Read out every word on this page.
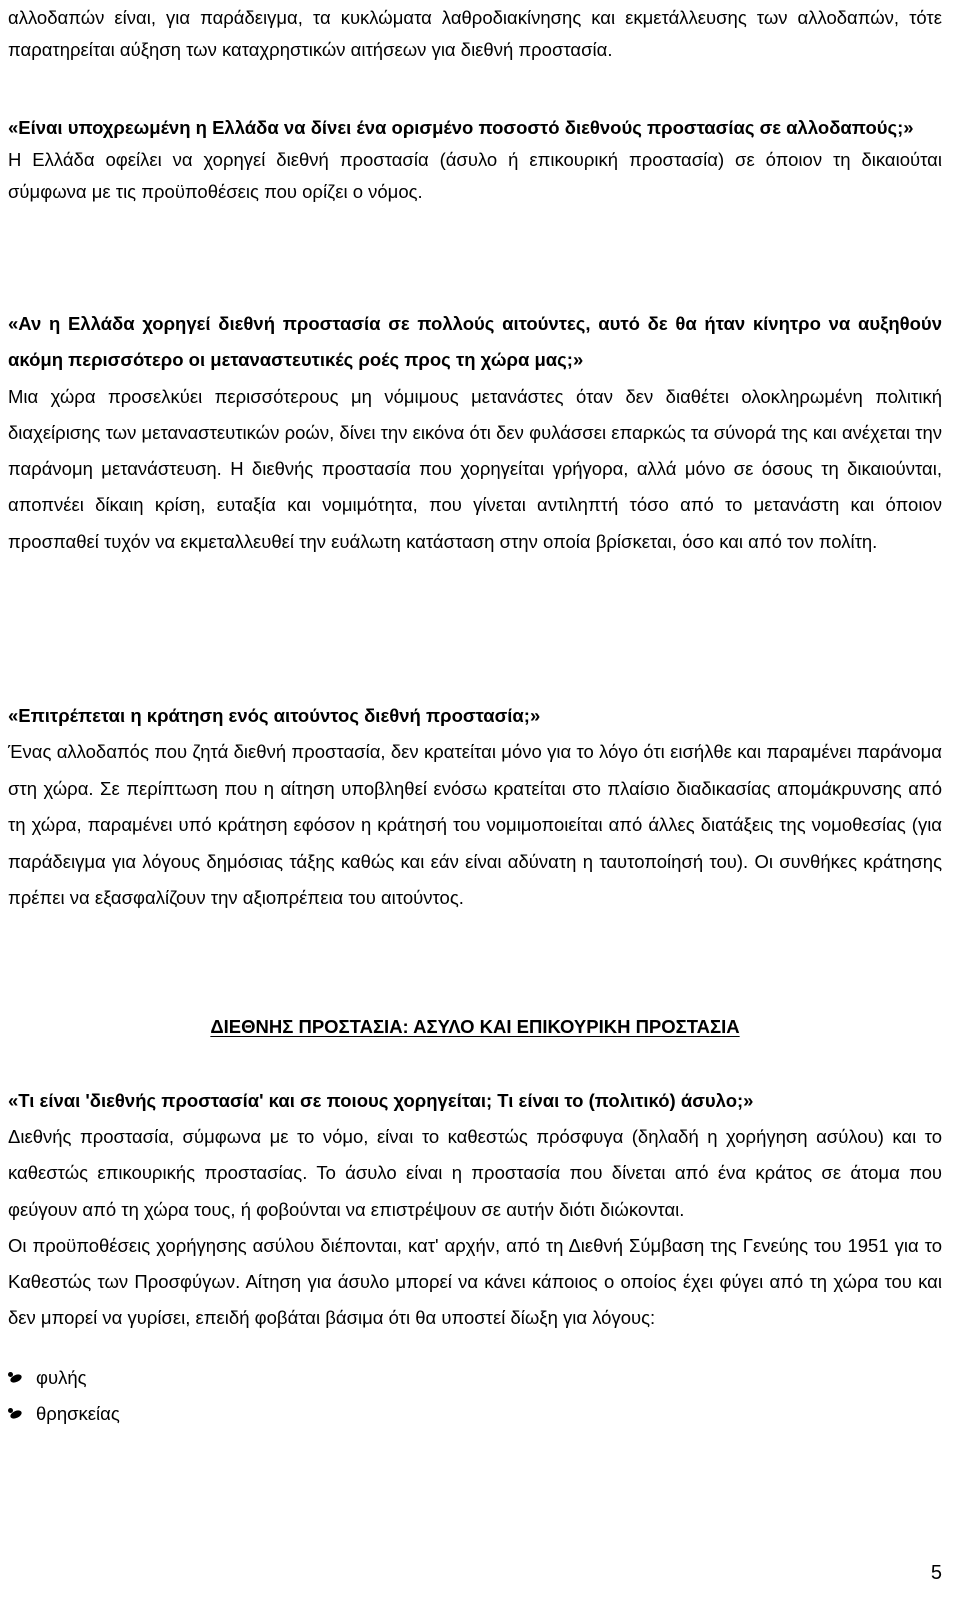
αλλοδαπών είναι, για παράδειγμα, τα κυκλώματα λαθροδιακίνησης και εκμετάλλευσης των αλλοδαπών, τότε παρατηρείται αύξηση των καταχρηστικών αιτήσεων για διεθνή προστασία.

«Είναι υποχρεωμένη η Ελλάδα να δίνει ένα ορισμένο ποσοστό διεθνούς προστασίας σε αλλοδαπούς;»

Η Ελλάδα οφείλει να χορηγεί διεθνή προστασία (άσυλο ή επικουρική προστασία) σε όποιον τη δικαιούται σύμφωνα με τις προϋποθέσεις που ορίζει ο νόμος.

«Αν η Ελλάδα χορηγεί διεθνή προστασία σε πολλούς αιτούντες, αυτό δε θα ήταν κίνητρο να αυξηθούν ακόμη περισσότερο οι μεταναστευτικές ροές προς τη χώρα μας;»

Μια χώρα προσελκύει περισσότερους μη νόμιμους μετανάστες όταν δεν διαθέτει ολοκληρωμένη πολιτική διαχείρισης των μεταναστευτικών ροών, δίνει την εικόνα ότι δεν φυλάσσει επαρκώς τα σύνορά της και ανέχεται την παράνομη μετανάστευση. Η διεθνής προστασία που χορηγείται γρήγορα, αλλά μόνο σε όσους τη δικαιούνται, αποπνέει δίκαιη κρίση, ευταξία και νομιμότητα, που γίνεται αντιληπτή τόσο από το μετανάστη και όποιον προσπαθεί τυχόν να εκμεταλλευθεί την ευάλωτη κατάσταση στην οποία βρίσκεται, όσο και από τον πολίτη.

«Επιτρέπεται η κράτηση ενός αιτούντος διεθνή προστασία;»

Ένας αλλοδαπός που ζητά διεθνή προστασία, δεν κρατείται μόνο για το λόγο ότι εισήλθε και παραμένει παράνομα στη χώρα. Σε περίπτωση που η αίτηση υποβληθεί ενόσω κρατείται στο πλαίσιο διαδικασίας απομάκρυνσης από τη χώρα, παραμένει υπό κράτηση εφόσον η κράτησή του νομιμοποιείται από άλλες διατάξεις της νομοθεσίας (για παράδειγμα για λόγους δημόσιας τάξης καθώς και εάν είναι αδύνατη η ταυτοποίησή του). Οι συνθήκες κράτησης πρέπει να εξασφαλίζουν την αξιοπρέπεια του αιτούντος.

ΔΙΕΘΝΗΣ ΠΡΟΣΤΑΣΙΑ: ΑΣΥΛΟ ΚΑΙ ΕΠΙΚΟΥΡΙΚΗ ΠΡΟΣΤΑΣΙΑ

«Τι είναι 'διεθνής προστασία' και σε ποιους χορηγείται; Τι είναι το (πολιτικό) άσυλο;»

Διεθνής προστασία, σύμφωνα με το νόμο, είναι το καθεστώς πρόσφυγα (δηλαδή η χορήγηση ασύλου) και το καθεστώς επικουρικής προστασίας. Το άσυλο είναι η προστασία που δίνεται από ένα κράτος σε άτομα που φεύγουν από τη χώρα τους, ή φοβούνται να επιστρέψουν σε αυτήν διότι διώκονται.

Οι προϋποθέσεις χορήγησης ασύλου διέπονται, κατ' αρχήν, από τη Διεθνή Σύμβαση της Γενεύης του 1951 για το Καθεστώς των Προσφύγων. Αίτηση για άσυλο μπορεί να κάνει κάποιος ο οποίος έχει φύγει από τη χώρα του και δεν μπορεί να γυρίσει, επειδή φοβάται βάσιμα ότι θα υποστεί δίωξη για λόγους:

φυλής
θρησκείας
5
